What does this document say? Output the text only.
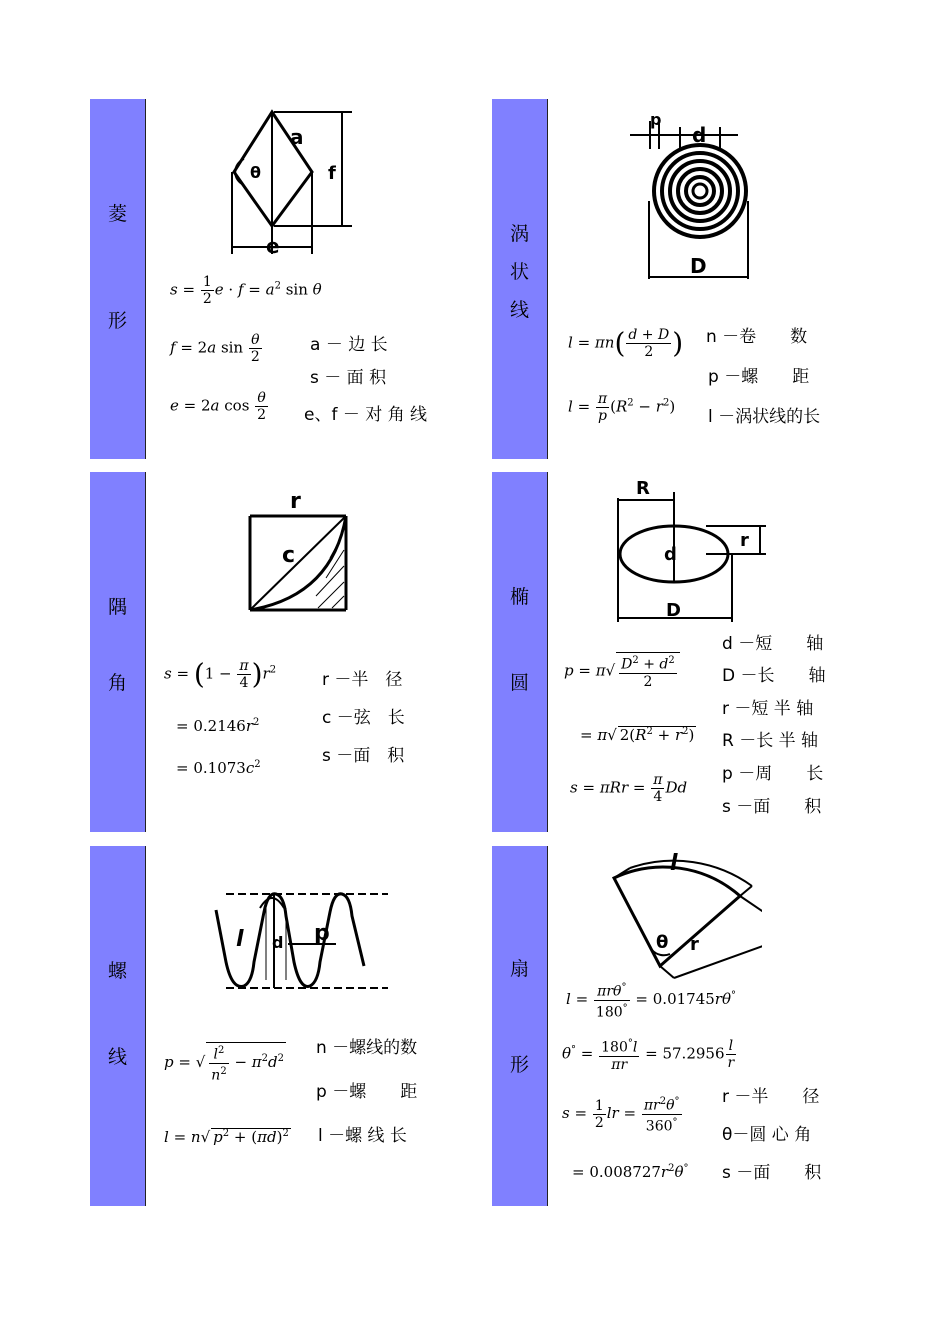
菱
形
a
θ	f
e
$s = \frac{1}{2}$ $e \cdot f = a^2$ sin θ
f = 2a $\sin \frac{\theta}{2}$
e = 2a $\cos \frac{\theta}{2}$
a － 边 长
s － 面 积
e、f － 对 角 线
涡
状
线
p
d
D
$l = \pi n( \frac{d + D}{2}$ )
$l = \frac{\pi}{p} (R^2 - r^2)$
n －卷　　数
p －螺　　距
l －涡状线的长
隅
角
r
c
$s = (1 - \frac{\pi}{4} )r^2$
= $0.2146r^2$
= $0.1073c^2$
r －半　径
c －弦　长
s －面　积
椭
圆
R
d
r
D
$p = \pi√ \frac{D^2 + d^2}{2}$
= π√ $2(R^2 + r^2)$
$s = \pi Rr = \frac{\pi}{4}$ Dd
d －短　　轴
D －长　　轴
r －短 半 轴
R －长 半 轴
p －周　　长
s －面　　积
螺
线
l d p
p = √ $\frac{l^2}{n^2} - \pi^2d^2$
l = n√ $p^2 + (\pi d)^2$
n －螺线的数
p －螺　　距
l －螺 线 长
扇
形
l
θ r
$l = \frac{\pi r\theta^\circ}{180^\circ} = 0.01745r\theta^\circ$
$\theta^\circ = \frac{180^\circ l}{\pi r} = 57.2956 \frac{l}{r}$
$s = \frac{1}{2}$ lr = $\frac{\pi r^2\theta^\circ}{360^\circ}$
= $0.008727r^2\theta^\circ$
r －半　　径
θ－圆 心 角
s －面　　积
